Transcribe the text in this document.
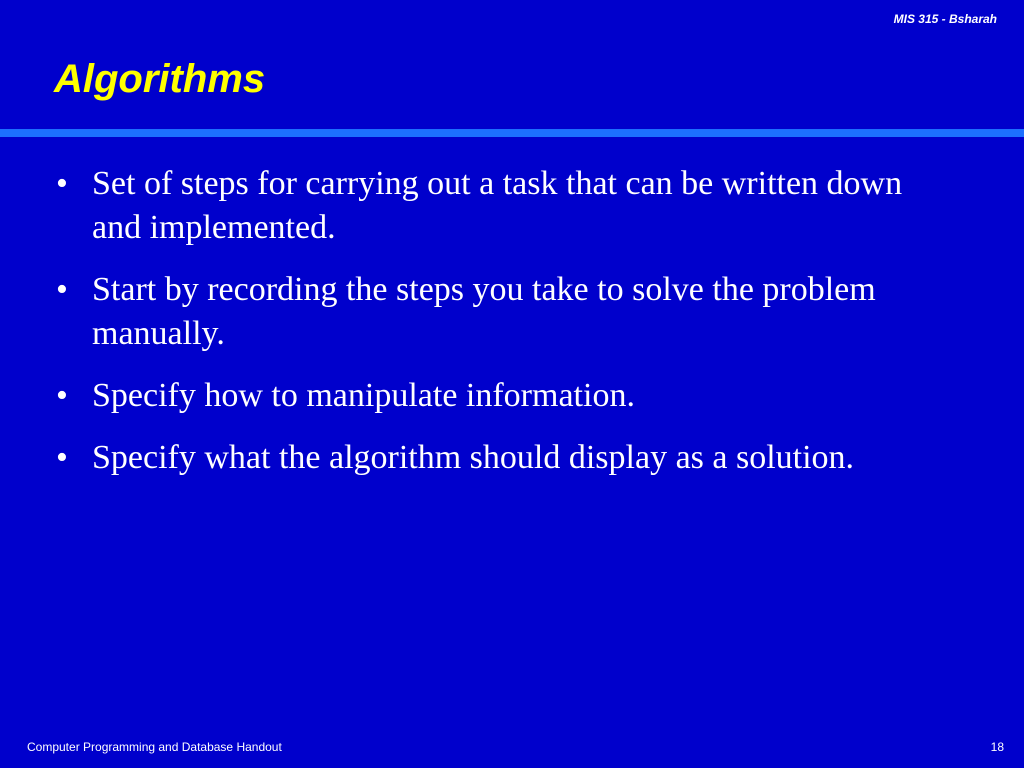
MIS 315 - Bsharah
Algorithms
• Set of steps for carrying out a task that can be written down and implemented.
• Start by recording the steps you take to solve the problem manually.
• Specify how to manipulate information.
• Specify what the algorithm should display as a solution.
Computer Programming and Database Handout	18
